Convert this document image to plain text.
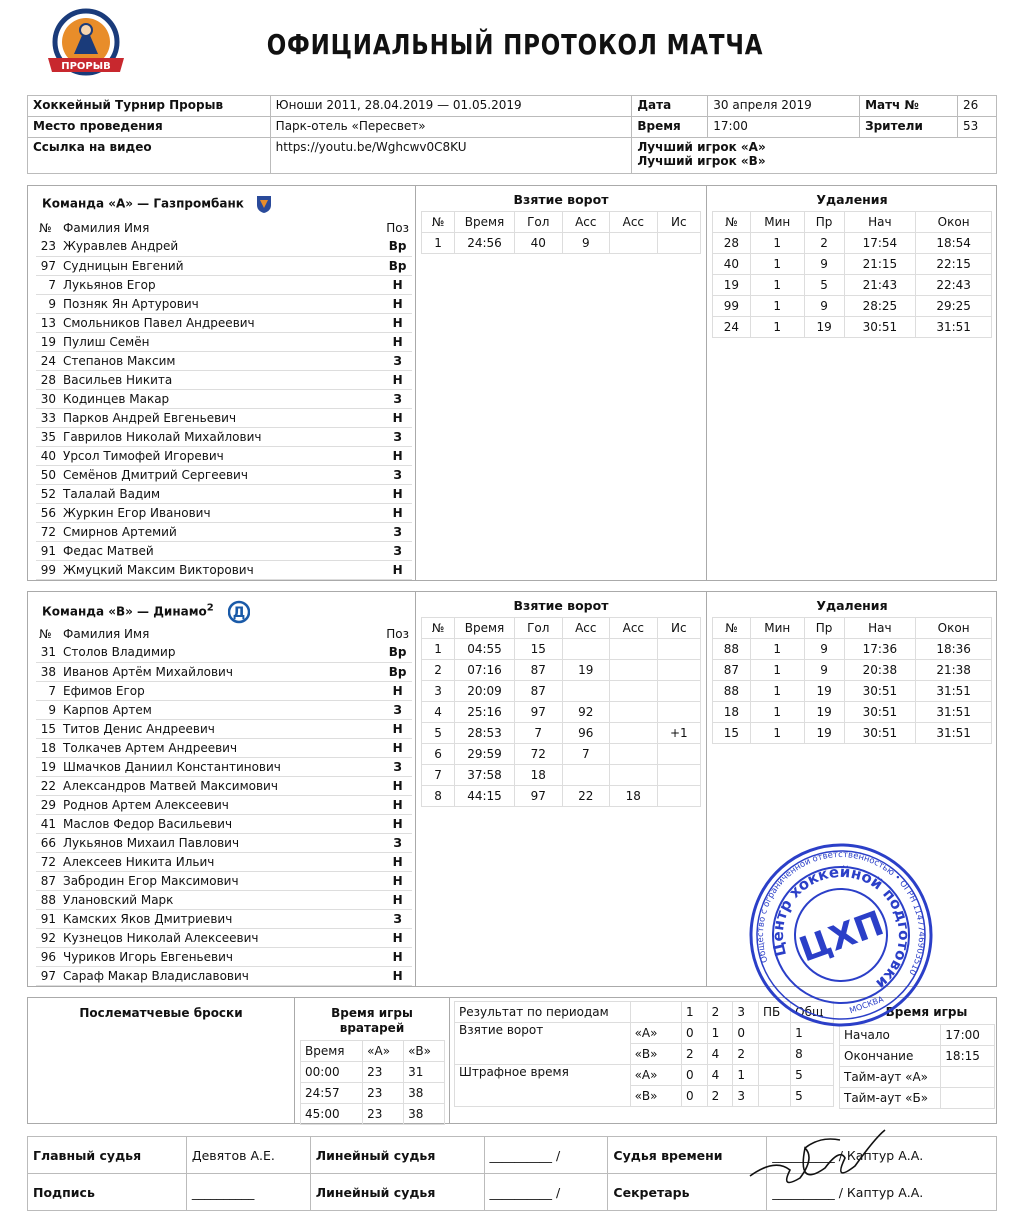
ПРОРЫВ
ОФИЦИАЛЬНЫЙ ПРОТОКОЛ МАТЧА
Хоккейный Турнир Прорыв	Юноши 2011, 28.04.2019 — 01.05.2019	Дата	30 апреля 2019	Матч №	26
Место проведения	Парк-отель «Пересвет»	Время	17:00	Зрители	53
Ссылка на видео	https://youtu.be/Wghcwv0C8KU	Лучший игрок «А»
Лучший игрок «В»			
Команда «А» — Газпромбанк
№	Фамилия Имя	Поз
23	Журавлев Андрей	Вр
97	Судницын Евгений	Вр
7	Лукьянов Егор	Н
9	Позняк Ян Артурович	Н
13	Смольников Павел Андреевич	Н
19	Пулиш Семён	Н
24	Степанов Максим	З
28	Васильев Никита	Н
30	Кодинцев Макар	З
33	Парков Андрей Евгеньевич	Н
35	Гаврилов Николай Михайлович	З
40	Урсол Тимофей Игоревич	Н
50	Семёнов Дмитрий Сергеевич	З
52	Талалай Вадим	Н
56	Журкин Егор Иванович	Н
72	Смирнов Артемий	З
91	Федас Матвей	З
99	Жмуцкий Максим Викторович	Н
Взятие ворот
№	Время	Гол	Асс	Асс	Ис
1	24:56	40	9		
Удаления
№	Мин	Пр	Нач	Окон
28	1	2	17:54	18:54
40	1	9	21:15	22:15
19	1	5	21:43	22:43
99	1	9	28:25	29:25
24	1	19	30:51	31:51
Команда «В» — Динамо$^2$ Д
№	Фамилия Имя	Поз
31	Столов Владимир	Вр
38	Иванов Артём Михайлович	Вр
7	Ефимов Егор	Н
9	Карпов Артем	З
15	Титов Денис Андреевич	Н
18	Толкачев Артем Андреевич	Н
19	Шмачков Даниил Константинович	З
22	Александров Матвей Максимович	Н
29	Роднов Артем Алексеевич	Н
41	Маслов Федор Васильевич	Н
66	Лукьянов Михаил Павлович	З
72	Алексеев Никита Ильич	Н
87	Забродин Егор Максимович	Н
88	Улановский Марк	Н
91	Камских Яков Дмитриевич	З
92	Кузнецов Николай Алексеевич	Н
96	Чуриков Игорь Евгеньевич	Н
97	Сараф Макар Владиславович	Н
Взятие ворот
№	Время	Гол	Асс	Асс	Ис
1	04:55	15			
2	07:16	87	19		
3	20:09	87			
4	25:16	97	92		
5	28:53	7	96		+1
6	29:59	72	7		
7	37:58	18			
8	44:15	97	22	18	
Удаления
№	Мин	Пр	Нач	Окон
88	1	9	17:36	18:36
87	1	9	20:38	21:38
88	1	19	30:51	31:51
18	1	19	30:51	31:51
15	1	19	30:51	31:51
Послематчевые броски	Время игры вратарей
Время	«А»	«В»
00:00	23	31
24:57	23	38
45:00	23	38
Результат по периодам		1	2	3	ПБ	Общ
Взятие ворот	«А»	0	1	0		1
	«В»	2	4	2		8
Штрафное время	«А»	0	4	1		5
	«В»	0	2	3		5
Время игры
Начало	17:00
Окончание	18:15
Тайм-аут «А»	
Тайм-аут «Б»	
Главный судья	Девятов А.Е.	Линейный судья	__________ /	Судья времени	__________ / Каптур А.А.
Подпись	__________	Линейный судья	__________ /	Секретарь	__________ / Каптур А.А.
Общество с ограниченной ответственностью • ОГРН 1147746903510
Центр хоккейной подготовки
ЦХП
МОСКВА
